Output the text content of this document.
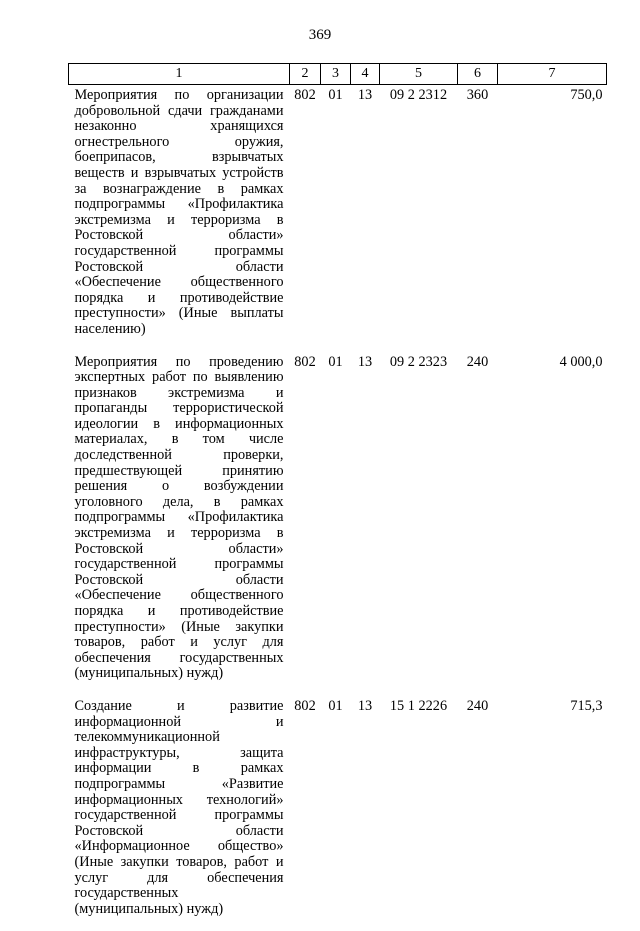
369
1	2	3	4	5	6	7
Мероприятия по организации добровольной сдачи гражданами незаконно хранящихся огнестрельного оружия, боеприпасов, взрывчатых веществ и взрывчатых устройств за вознаграждение в рамках подпрограммы «Профилактика экстремизма и терроризма в Ростовской области» государственной программы Ростовской области «Обеспечение общественного порядка и противодействие преступности» (Иные выплаты населению)	802	01	13	09 2 2312	360	750,0
Мероприятия по проведению экспертных работ по выявлению признаков экстремизма и пропаганды террористической идеологии в информационных материалах, в том числе доследственной проверки, предшествующей принятию решения о возбуждении уголовного дела, в рамках подпрограммы «Профилактика экстремизма и терроризма в Ростовской области» государственной программы Ростовской области «Обеспечение общественного порядка и противодействие преступности» (Иные закупки товаров, работ и услуг для обеспечения государственных (муниципальных) нужд)	802	01	13	09 2 2323	240	4 000,0
Создание и развитие информационной и телекоммуникационной инфраструктуры, защита информации в рамках подпрограммы «Развитие информационных технологий» государственной программы Ростовской области «Информационное общество» (Иные закупки товаров, работ и услуг для обеспечения государственных (муниципальных) нужд)	802	01	13	15 1 2226	240	715,3
